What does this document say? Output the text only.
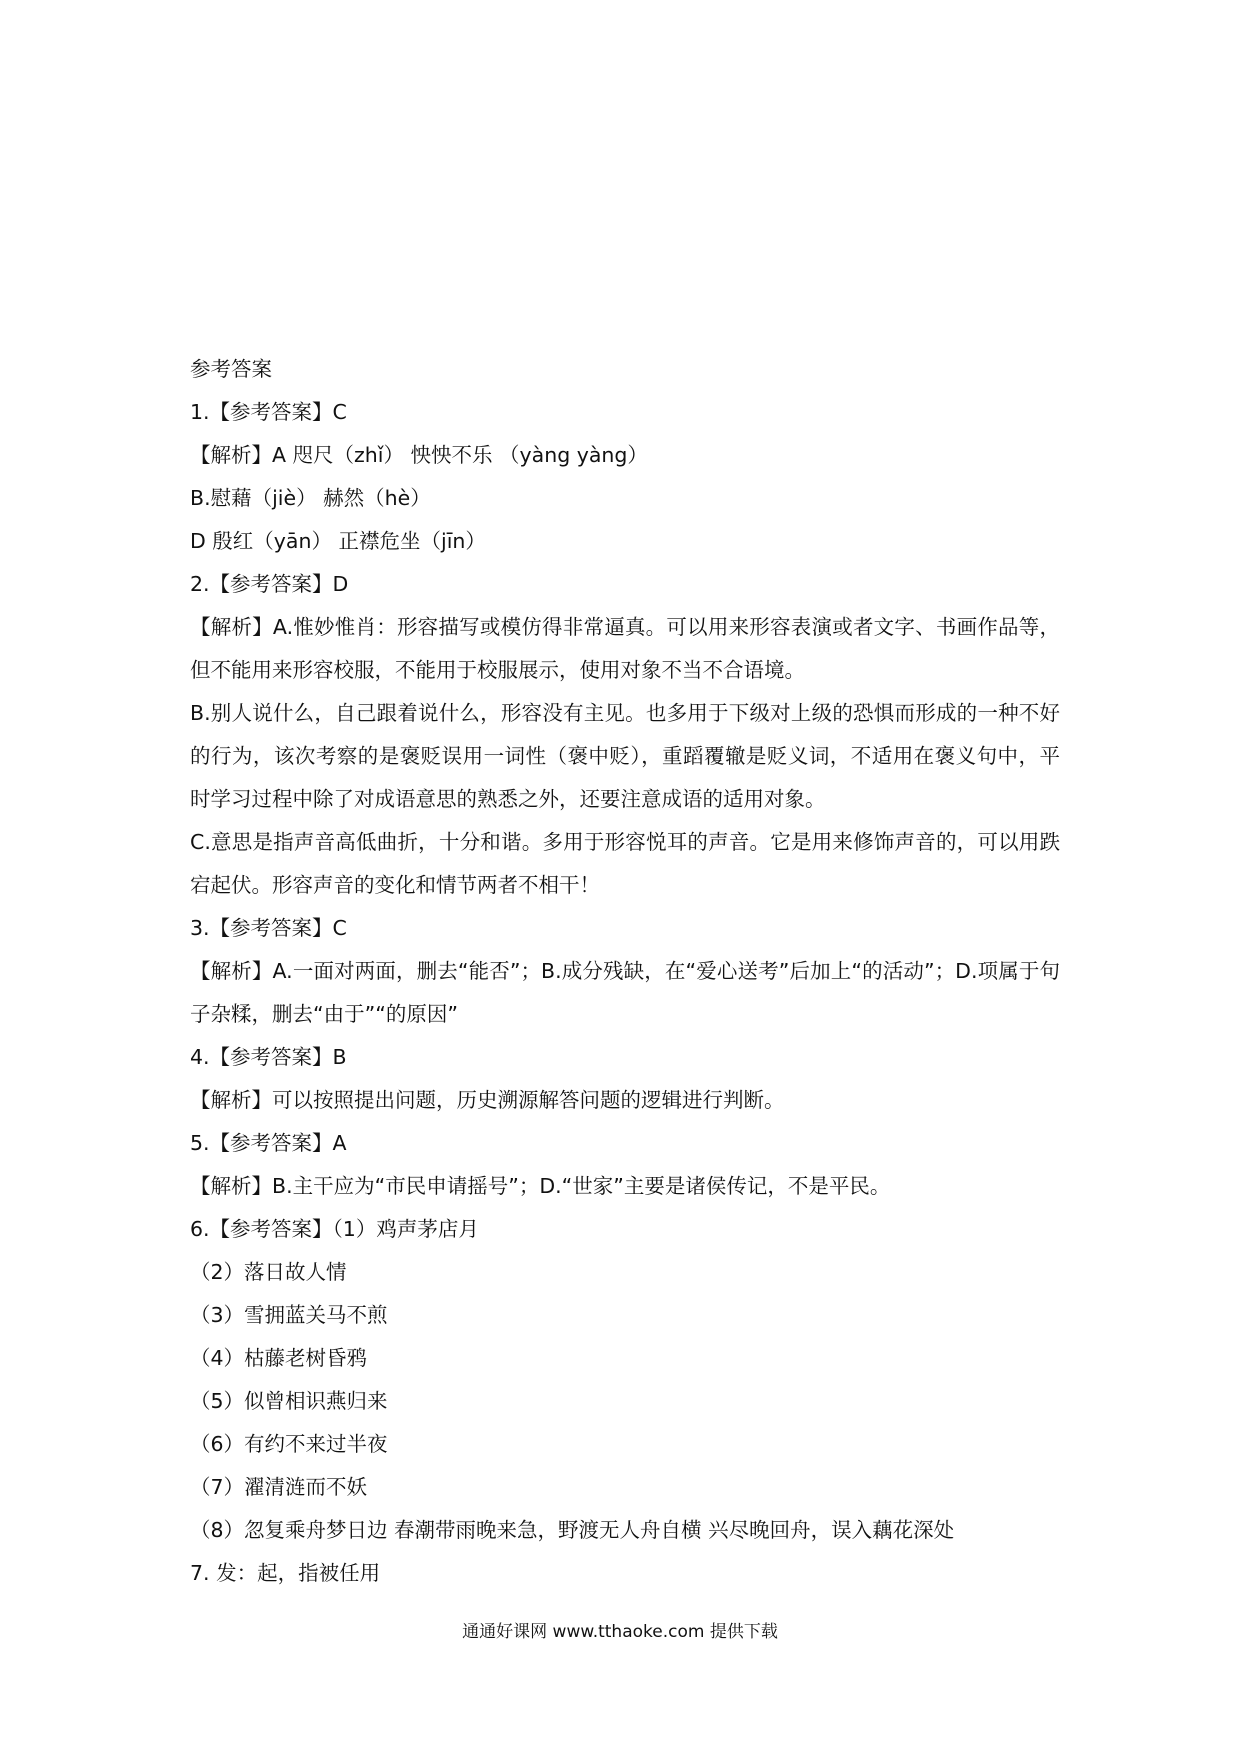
参考答案
1.【参考答案】C
【解析】A 咫尺（zhǐ） 怏怏不乐 （yàng yàng）
B.慰藉（jiè） 赫然（hè）
D 殷红（yān） 正襟危坐（jīn）
2.【参考答案】D
【解析】A.惟妙惟肖：形容描写或模仿得非常逼真。可以用来形容表演或者文字、书画作品等，但不能用来形容校服，不能用于校服展示，使用对象不当不合语境。
B.别人说什么，自己跟着说什么，形容没有主见。也多用于下级对上级的恐惧而形成的一种不好的行为，该次考察的是褒贬误用一词性（褒中贬），重蹈覆辙是贬义词，不适用在褒义句中，平时学习过程中除了对成语意思的熟悉之外，还要注意成语的适用对象。
C.意思是指声音高低曲折，十分和谐。多用于形容悦耳的声音。它是用来修饰声音的，可以用跌宕起伏。形容声音的变化和情节两者不相干！
3.【参考答案】C
【解析】A.一面对两面，删去“能否”；B.成分残缺，在“爱心送考”后加上“的活动”；D.项属于句子杂糅，删去“由于”“的原因”
4.【参考答案】B
【解析】可以按照提出问题，历史溯源解答问题的逻辑进行判断。
5.【参考答案】A
【解析】B.主干应为“市民申请摇号”；D.“世家”主要是诸侯传记，不是平民。
6.【参考答案】（1）鸡声茅店月
（2）落日故人情
（3）雪拥蓝关马不煎
（4）枯藤老树昏鸦
（5）似曾相识燕归来
（6）有约不来过半夜
（7）濯清涟而不妖
（8）忽复乘舟梦日边 春潮带雨晚来急，野渡无人舟自横 兴尽晚回舟，误入藕花深处
7. 发：起，指被任用
通通好课网 www.tthaoke.com 提供下载
